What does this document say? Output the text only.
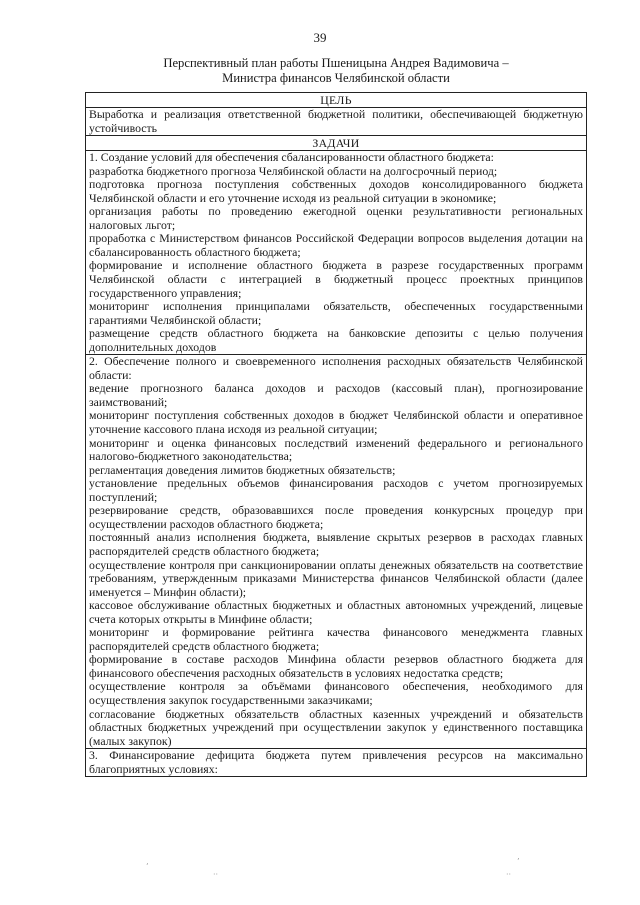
39
Перспективный план работы Пшеницына Андрея Вадимовича –
Министра финансов Челябинской области
ЦЕЛЬ
Выработка и реализация ответственной бюджетной политики, обеспечивающей бюджетную устойчивость
ЗАДАЧИ

1. Создание условий для обеспечения сбалансированности областного бюджета:
разработка бюджетного прогноза Челябинской области на долгосрочный период;
подготовка прогноза поступления собственных доходов консолидированного бюджета Челябинской области и его уточнение исходя из реальной ситуации в экономике;
организация работы по проведению ежегодной оценки результативности региональных налоговых льгот;
проработка с Министерством финансов Российской Федерации вопросов выделения дотации на сбалансированность областного бюджета;
формирование и исполнение областного бюджета в разрезе государственных программ Челябинской области с интеграцией в бюджетный процесс проектных принципов государственного управления;
мониторинг исполнения принципалами обязательств, обеспеченных государственными гарантиями Челябинской области;
размещение средств областного бюджета на банковские депозиты с целью получения дополнительных доходов

2. Обеспечение полного и своевременного исполнения расходных обязательств Челябинской области:
ведение прогнозного баланса доходов и расходов (кассовый план), прогнозирование заимствований;
мониторинг поступления собственных доходов в бюджет Челябинской области и оперативное уточнение кассового плана исходя из реальной ситуации;
мониторинг и оценка финансовых последствий изменений федерального и регионального налогово-бюджетного законодательства;
регламентация доведения лимитов бюджетных обязательств;
установление предельных объемов финансирования расходов с учетом прогнозируемых поступлений;
резервирование средств, образовавшихся после проведения конкурсных процедур при осуществлении расходов областного бюджета;
постоянный анализ исполнения бюджета, выявление скрытых резервов в расходах главных распорядителей средств областного бюджета;
осуществление контроля при санкционировании оплаты денежных обязательств на соответствие требованиям, утвержденным приказами Министерства финансов Челябинской области (далее именуется – Минфин области);
кассовое обслуживание областных бюджетных и областных автономных учреждений, лицевые счета которых открыты в Минфине области;
мониторинг и формирование рейтинга качества финансового менеджмента главных распорядителей средств областного бюджета;
формирование в составе расходов Минфина области резервов областного бюджета для финансового обеспечения расходных обязательств в условиях недостатка средств;
осуществление контроля за объёмами финансового обеспечения, необходимого для осуществления закупок государственными заказчиками;
согласование бюджетных обязательств областных казенных учреждений и обязательств областных бюджетных учреждений при осуществлении закупок у единственного поставщика (малых закупок)

3. Финансирование дефицита бюджета путем привлечения ресурсов на максимально благоприятных условиях:
‚
··
’
··
